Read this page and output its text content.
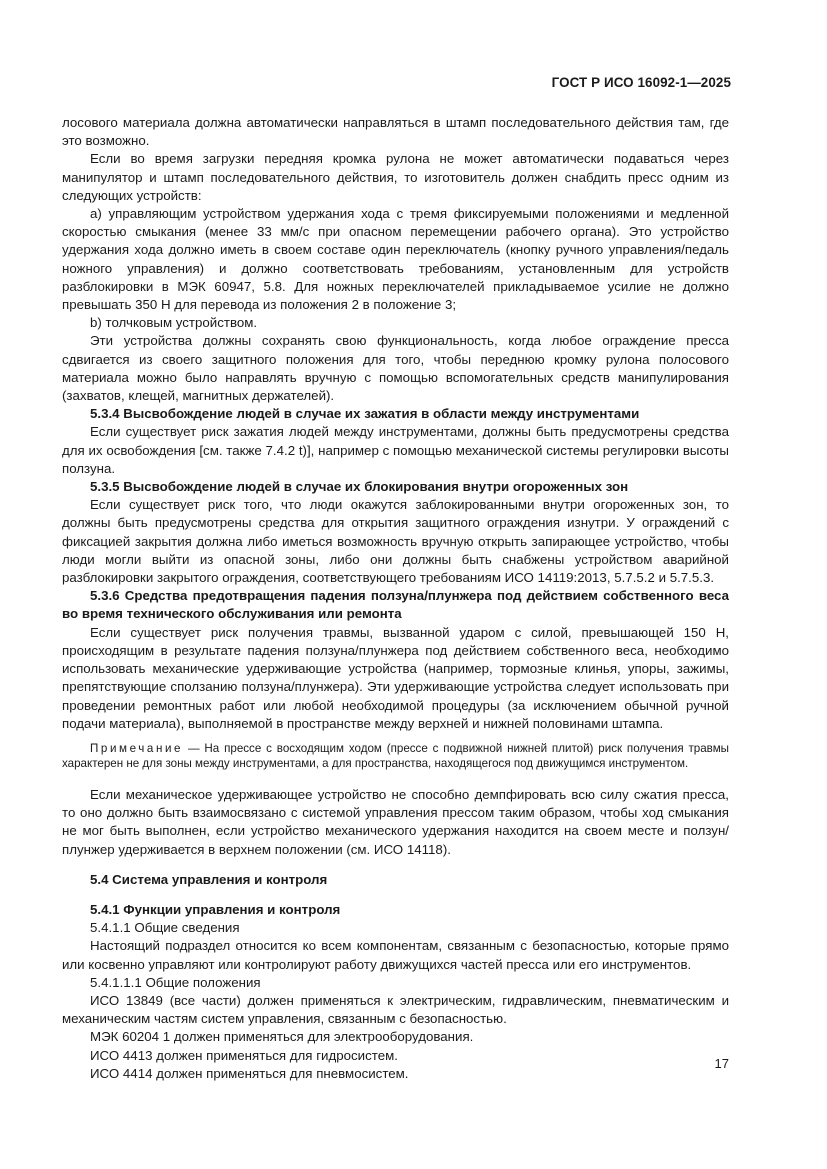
ГОСТ Р ИСО 16092-1—2025

лосового материала должна автоматически направляться в штамп последовательного действия там, где это возможно.

Если во время загрузки передняя кромка рулона не может автоматически подаваться через манипулятор и штамп последовательного действия, то изготовитель должен снабдить пресс одним из следующих устройств:

a) управляющим устройством удержания хода с тремя фиксируемыми положениями и медленной скоростью смыкания (менее 33 мм/с при опасном перемещении рабочего органа). Это устройство удержания хода должно иметь в своем составе один переключатель (кнопку ручного управления/педаль ножного управления) и должно соответствовать требованиям, установленным для устройств разблокировки в МЭК 60947, 5.8. Для ножных переключателей прикладываемое усилие не должно превышать 350 Н для перевода из положения 2 в положение 3;

b) толчковым устройством.

Эти устройства должны сохранять свою функциональность, когда любое ограждение пресса сдвигается из своего защитного положения для того, чтобы переднюю кромку рулона полосового материала можно было направлять вручную с помощью вспомогательных средств манипулирования (захватов, клещей, магнитных держателей).

5.3.4 Высвобождение людей в случае их зажатия в области между инструментами

Если существует риск зажатия людей между инструментами, должны быть предусмотрены средства для их освобождения [см. также 7.4.2 t)], например с помощью механической системы регулировки высоты ползуна.

5.3.5 Высвобождение людей в случае их блокирования внутри огороженных зон

Если существует риск того, что люди окажутся заблокированными внутри огороженных зон, то должны быть предусмотрены средства для открытия защитного ограждения изнутри. У ограждений с фиксацией закрытия должна либо иметься возможность вручную открыть запирающее устройство, чтобы люди могли выйти из опасной зоны, либо они должны быть снабжены устройством аварийной разблокировки закрытого ограждения, соответствующего требованиям ИСО 14119:2013, 5.7.5.2 и 5.7.5.3.

5.3.6 Средства предотвращения падения ползуна/плунжера под действием собственного веса во время технического обслуживания или ремонта

Если существует риск получения травмы, вызванной ударом с силой, превышающей 150 Н, происходящим в результате падения ползуна/плунжера под действием собственного веса, необходимо использовать механические удерживающие устройства (например, тормозные клинья, упоры, зажимы, препятствующие сползанию ползуна/плунжера). Эти удерживающие устройства следует использовать при проведении ремонтных работ или любой необходимой процедуры (за исключением обычной ручной подачи материала), выполняемой в пространстве между верхней и нижней половинами штампа.

Примечание — На прессе с восходящим ходом (прессе с подвижной нижней плитой) риск получения травмы характерен не для зоны между инструментами, а для пространства, находящегося под движущимся инструментом.

Если механическое удерживающее устройство не способно демпфировать всю силу сжатия пресса, то оно должно быть взаимосвязано с системой управления прессом таким образом, чтобы ход смыкания не мог быть выполнен, если устройство механического удержания находится на своем месте и ползун/плунжер удерживается в верхнем положении (см. ИСО 14118).

5.4 Система управления и контроля

5.4.1 Функции управления и контроля

5.4.1.1 Общие сведения

Настоящий подраздел относится ко всем компонентам, связанным с безопасностью, которые прямо или косвенно управляют или контролируют работу движущихся частей пресса или его инструментов.

5.4.1.1.1 Общие положения

ИСО 13849 (все части) должен применяться к электрическим, гидравлическим, пневматическим и механическим частям систем управления, связанным с безопасностью.

МЭК 60204 1 должен применяться для электрооборудования.

ИСО 4413 должен применяться для гидросистем.

ИСО 4414 должен применяться для пневмосистем.

17
